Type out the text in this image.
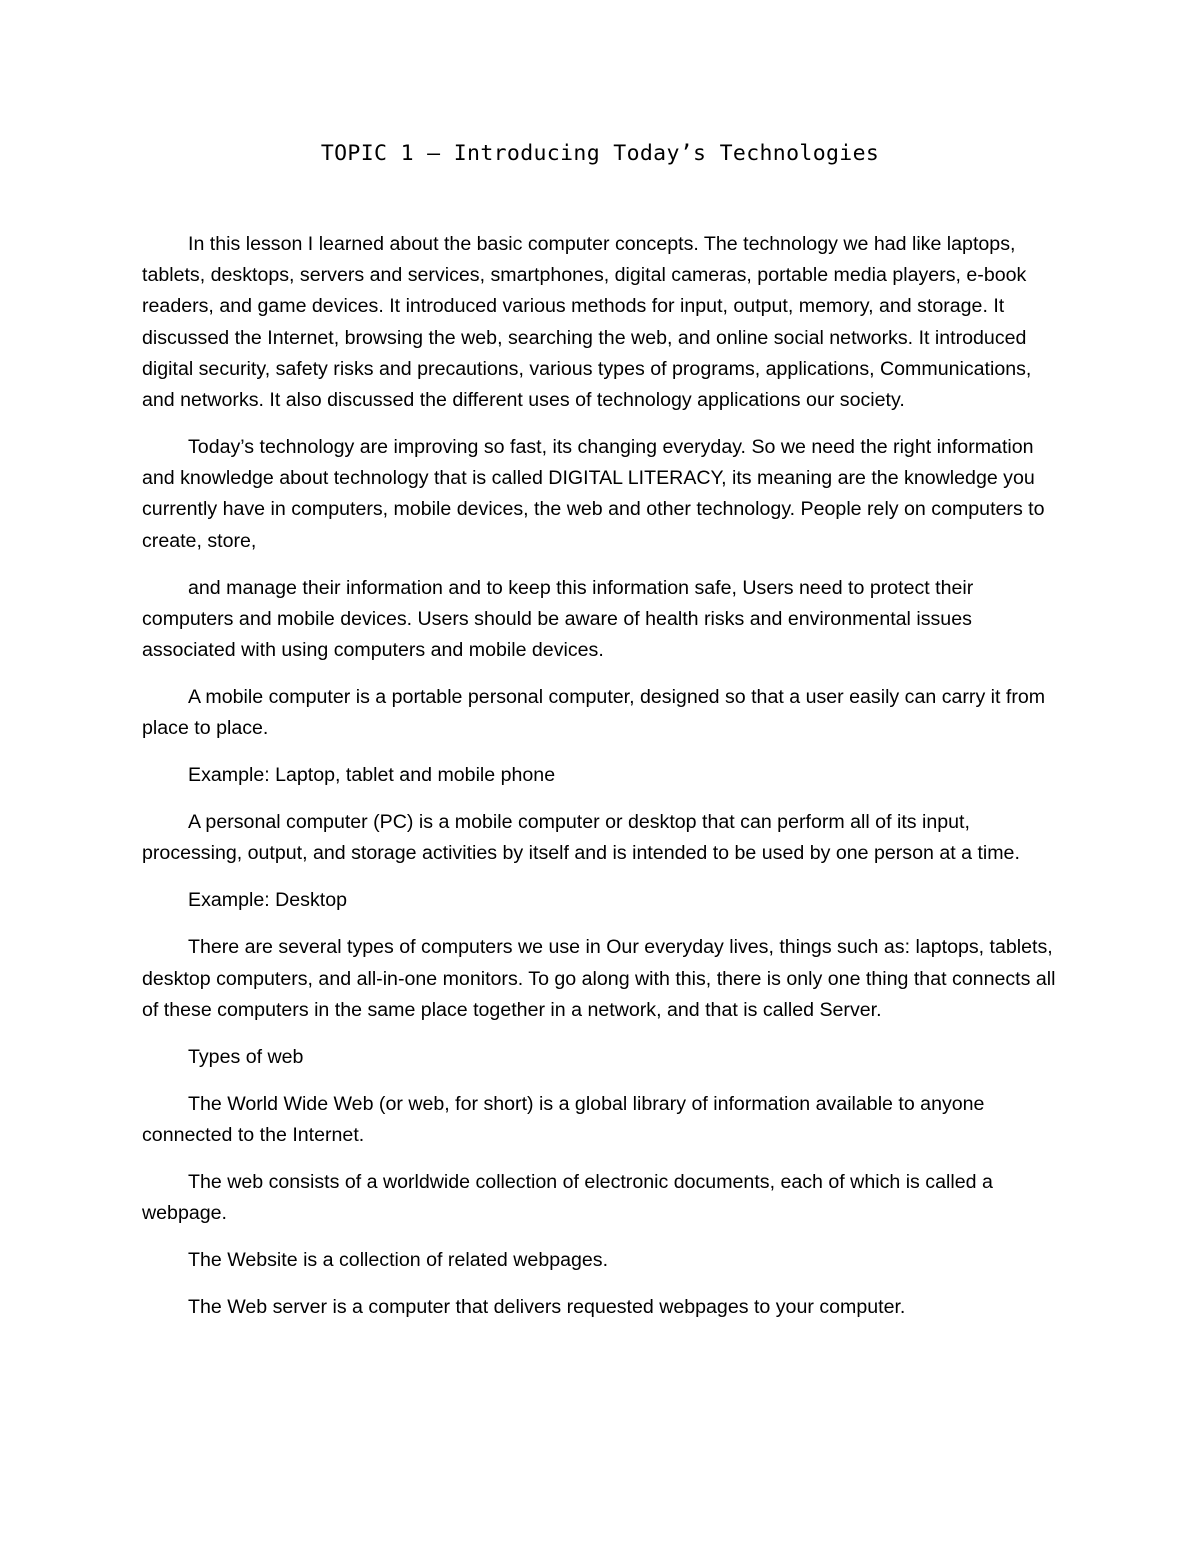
TOPIC 1 – Introducing Today’s Technologies

In this lesson I learned about the basic computer concepts. The technology we had like laptops, tablets, desktops, servers and services, smartphones, digital cameras, portable media players, e-book readers, and game devices. It introduced various methods for input, output, memory, and storage. It discussed the Internet, browsing the web, searching the web, and online social networks. It introduced digital security, safety risks and precautions, various types of programs, applications, Communications, and networks. It also discussed the different uses of technology applications our society.

Today’s technology are improving so fast, its changing everyday. So we need the right information and knowledge about technology that is called DIGITAL LITERACY, its meaning are the knowledge you currently have in computers, mobile devices, the web and other technology. People rely on computers to create, store,

and manage their information and to keep this information safe, Users need to protect their computers and mobile devices. Users should be aware of health risks and environmental issues associated with using computers and mobile devices.

A mobile computer is a portable personal computer, designed so that a user easily can carry it from place to place.

Example: Laptop, tablet and mobile phone

A personal computer (PC) is a mobile computer or desktop that can perform all of its input, processing, output, and storage activities by itself and is intended to be used by one person at a time.

Example: Desktop

There are several types of computers we use in Our everyday lives, things such as: laptops, tablets, desktop computers, and all-in-one monitors. To go along with this, there is only one thing that connects all of these computers in the same place together in a network, and that is called Server.

Types of web

The World Wide Web (or web, for short) is a global library of information available to anyone connected to the Internet.

The web consists of a worldwide collection of electronic documents, each of which is called a webpage.

The Website is a collection of related webpages.

The Web server is a computer that delivers requested webpages to your computer.
